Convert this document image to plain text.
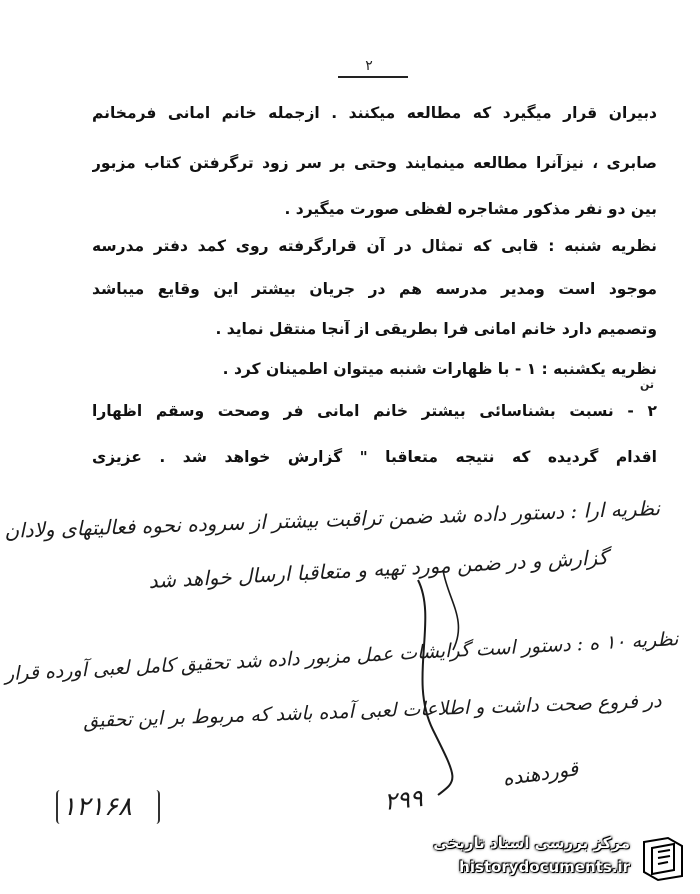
۲
دبیران قرار میگیرد که مطالعه میکنند . ازجمله خانم امانی فرمخانم
صابری ، نیزآنرا مطالعه مینمایند وحتی بر سر زود ترگرفتن کتاب مزبور
بین دو نفر مذکور مشاجره لفظی صورت میگیرد .
نظریه شنبه : قابی که تمثال در آن قرارگرفته روی کمد دفتر مدرسه
موجود است ومدیر مدرسه هم در جریان بیشتر این وقایع میباشد
وتصمیم دارد خانم امانی فرا بطریقی از آنجا منتقل نماید .
نظریه یکشنبه : ۱ - با ظهارات شنبه میتوان اطمینان کرد .
۲ - نسبت بشناسائی بیشتر خانم امانی فر وصحت وسقم اظهارا
اقدام گردیده که نتیجه متعاقبا " گزارش خواهد شد . عزیزی
تن
نظریه ارا : دستور داده شد ضمن تراقبت بیشتر از سروده نحوه فعالیتهای ولادان
گزارش و در ضمن مورد تهیه و متعاقبا ارسال خواهد شد
نظریه ۱۰ ه : دستور است گرایشات عمل مزبور داده شد تحقیق کامل لعبی آورده قرار
در فروع صحت داشت و اطلاعات لعبی آمده باشد که مربوط بر این تحقیق
قوردهنده
۲۹۹
۱۲۱۶۸
مرکز بررسی اسناد تاریخی
historydocuments.ir
